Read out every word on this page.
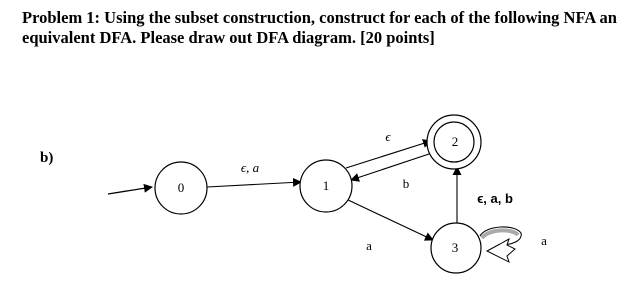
Problem 1: Using the subset construction, construct for each of the following NFA an
equivalent DFA. Please draw out DFA diagram. [20 points]
b)
0	1
2
3
ϵ, a
ϵ
b
a
ϵ, a, b
a
